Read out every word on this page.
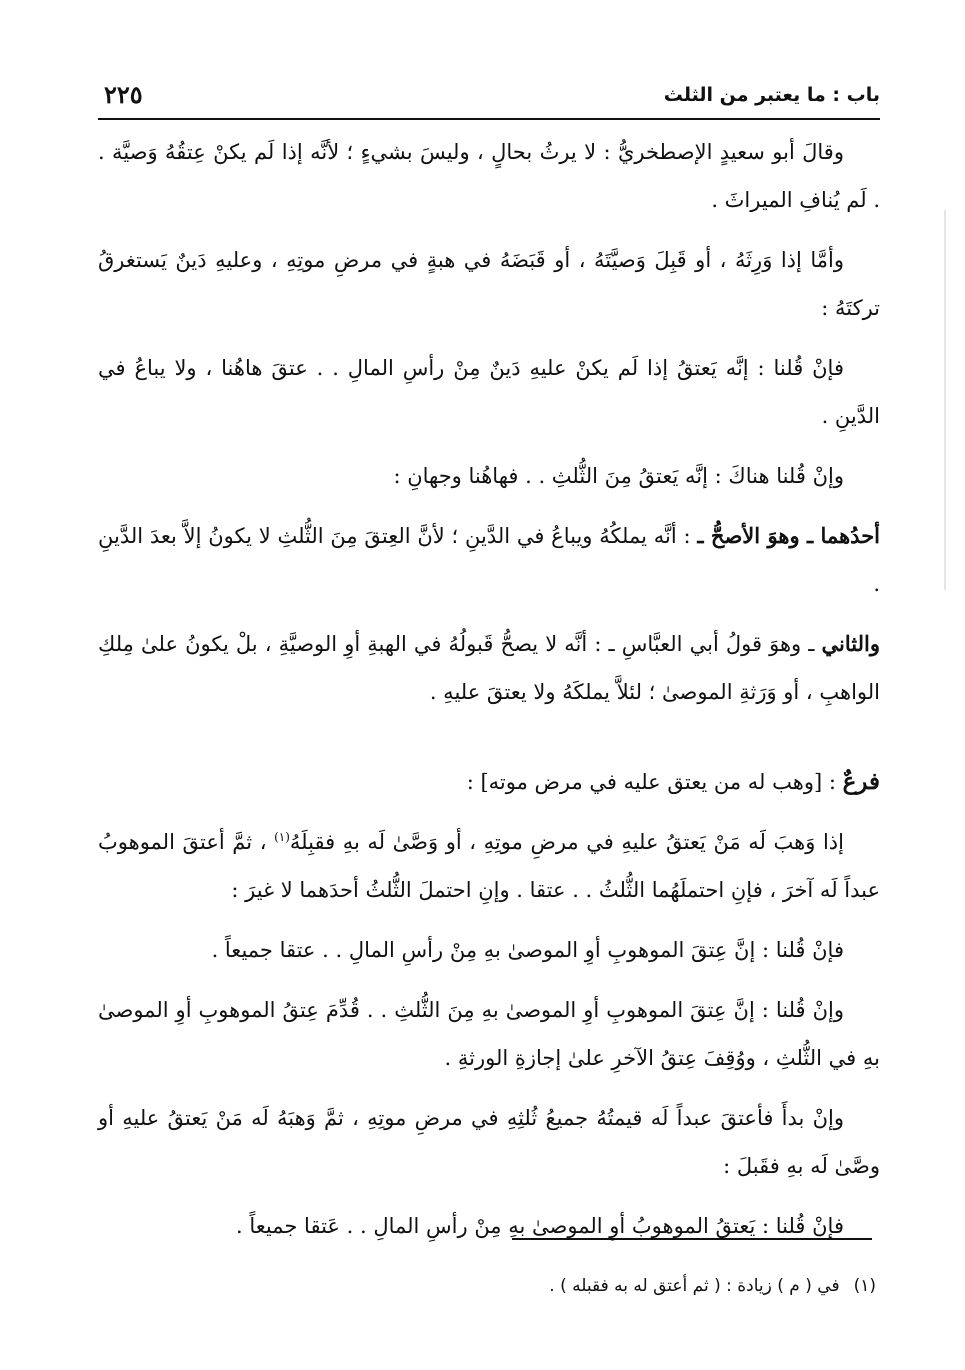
باب : ما يعتبر من الثلث
٢٢٥

وقالَ أبو سعيدٍ الإصطخريُّ : لا يرثُ بحالٍ ، وليسَ بشيءٍ ؛ لأنَّه إذا لَم يكنْ عِتقُهُ وَصيَّة . . لَم يُنافِ الميراثَ .

وأمَّا إذا وَرِثَهُ ، أو قَبِلَ وَصيَّتَهُ ، أو قَبَضَهُ في هبةٍ في مرضِ موتِهِ ، وعليهِ دَينٌ يَستغرقُ تركتَهُ :

فإنْ قُلنا : إنَّه يَعتقُ إذا لَم يكنْ عليهِ دَينٌ مِنْ رأسِ المالِ . . عتقَ هاهُنا ، ولا يباعُ في الدَّينِ .

وإنْ قُلنا هناكَ : إنَّه يَعتقُ مِنَ الثُّلثِ . . فهاهُنا وجهانِ :

أحدُهما ـ وهوَ الأصحُّ ـ : أنَّه يملكُهُ ويباعُ في الدَّينِ ؛ لأنَّ العِتقَ مِنَ الثُّلثِ لا يكونُ إلاَّ بعدَ الدَّينِ .

والثاني ـ وهوَ قولُ أبي العبَّاسِ ـ : أنَّه لا يصحُّ قَبولُهُ في الهبةِ أوِ الوصيَّةِ ، بلْ يكونُ علىٰ مِلكِ الواهبِ ، أو وَرَثةِ الموصىٰ ؛ لئلاَّ يملكَهُ ولا يعتقَ عليهِ .

فرعٌ : [وهب له من يعتق عليه في مرض موته] :

إذا وَهبَ لَه مَنْ يَعتقُ عليهِ في مرضِ موتِهِ ، أو وَصَّىٰ لَه بهِ فقبِلَهُ$^{(١)}$ ، ثمَّ أعتقَ الموهوبُ عبداً لَه آخرَ ، فإنِ احتملَهُما الثُّلثُ . . عتقا . وإنِ احتملَ الثُّلثُ أحدَهما لا غيرَ :

فإنْ قُلنا : إنَّ عِتقَ الموهوبِ أوِ الموصىٰ بهِ مِنْ رأسِ المالِ . . عتقا جميعاً .

وإنْ قُلنا : إنَّ عِتقَ الموهوبِ أوِ الموصىٰ بهِ مِنَ الثُّلثِ . . قُدِّمَ عِتقُ الموهوبِ أوِ الموصىٰ بهِ في الثُّلثِ ، ووُقِفَ عِتقُ الآخرِ علىٰ إجازةِ الورثةِ .

وإنْ بدأَ فأعتقَ عبداً لَه قيمتُهُ جميعُ ثُلثِهِ في مرضِ موتِهِ ، ثمَّ وَهبَهُ لَه مَنْ يَعتقُ عليهِ أو وصَّىٰ لَه بهِ فقَبلَ :

فإنْ قُلنا : يَعتقُ الموهوبُ أوِ الموصىٰ بهِ مِنْ رأسِ المالِ . . عَتقا جميعاً .

(١)في ( م ) زيادة : ( ثم أعتق له به فقبله ) .
